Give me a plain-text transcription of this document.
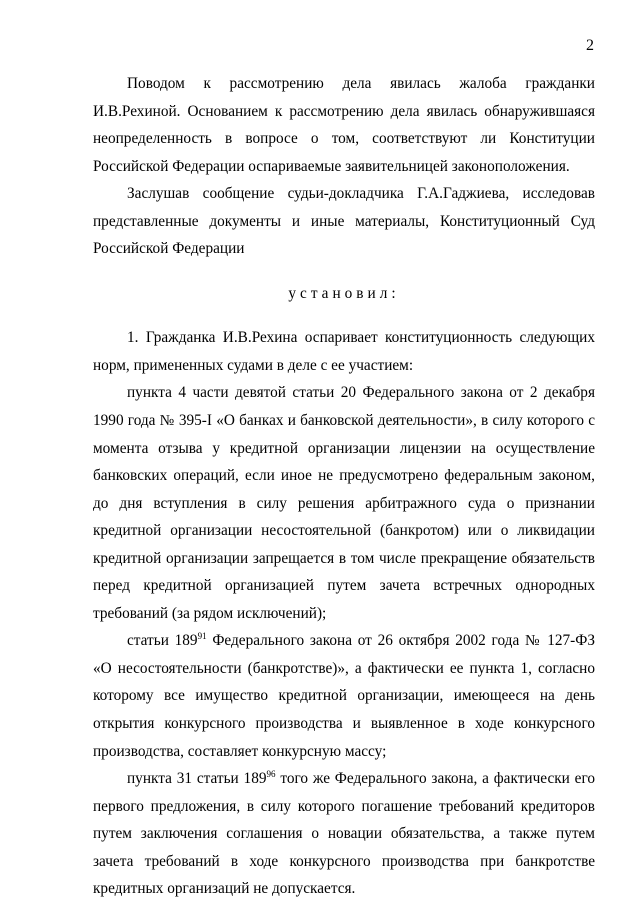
2

Поводом к рассмотрению дела явилась жалоба гражданки И.В.Рехиной. Основанием к рассмотрению дела явилась обнаружившаяся неопределенность в вопросе о том, соответствуют ли Конституции Российской Федерации оспариваемые заявительницей законоположения.

Заслушав сообщение судьи-докладчика Г.А.Гаджиева, исследовав представленные документы и иные материалы, Конституционный Суд Российской Федерации

установил:

1. Гражданка И.В.Рехина оспаривает конституционность следующих норм, примененных судами в деле с ее участием:

пункта 4 части девятой статьи 20 Федерального закона от 2 декабря 1990 года № 395-I «О банках и банковской деятельности», в силу которого с момента отзыва у кредитной организации лицензии на осуществление банковских операций, если иное не предусмотрено федеральным законом, до дня вступления в силу решения арбитражного суда о признании кредитной организации несостоятельной (банкротом) или о ликвидации кредитной организации запрещается в том числе прекращение обязательств перед кредитной организацией путем зачета встречных однородных требований (за рядом исключений);

статьи $189^{91}$ Федерального закона от 26 октября 2002 года № 127-ФЗ «О несостоятельности (банкротстве)», а фактически ее пункта 1, согласно которому все имущество кредитной организации, имеющееся на день открытия конкурсного производства и выявленное в ходе конкурсного производства, составляет конкурсную массу;

пункта 31 статьи $189^{96}$ того же Федерального закона, а фактически его первого предложения, в силу которого погашение требований кредиторов путем заключения соглашения о новации обязательства, а также путем зачета требований в ходе конкурсного производства при банкротстве кредитных организаций не допускается.
